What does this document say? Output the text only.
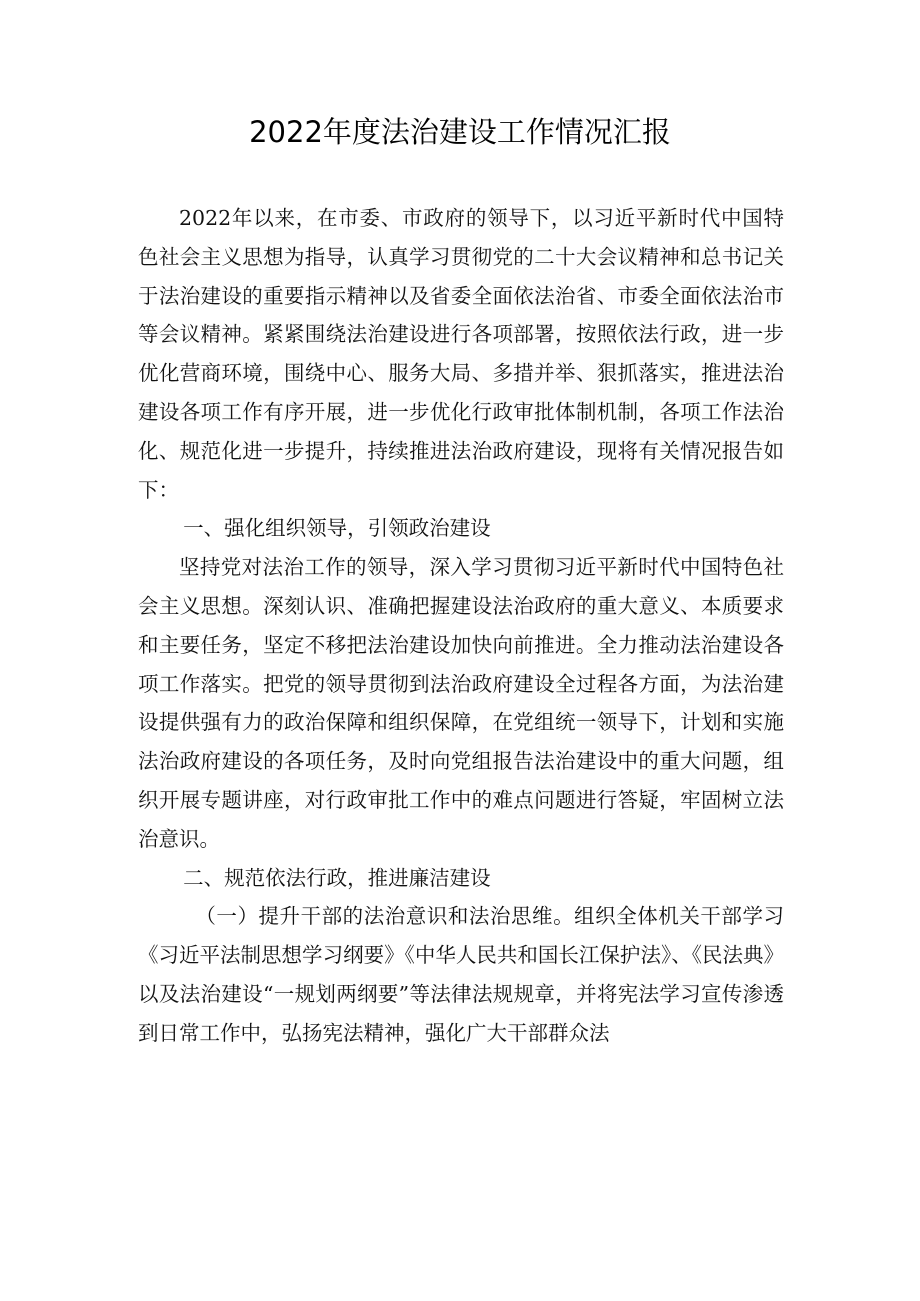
2022年度法治建设工作情况汇报

2022年以来，在市委、市政府的领导下，以习近平新时代中国特色社会主义思想为指导，认真学习贯彻党的二十大会议精神和总书记关于法治建设的重要指示精神以及省委全面依法治省、市委全面依法治市等会议精神。紧紧围绕法治建设进行各项部署，按照依法行政，进一步优化营商环境，围绕中心、服务大局、多措并举、狠抓落实，推进法治建设各项工作有序开展，进一步优化行政审批体制机制，各项工作法治化、规范化进一步提升，持续推进法治政府建设，现将有关情况报告如下：

一、强化组织领导，引领政治建设

坚持党对法治工作的领导，深入学习贯彻习近平新时代中国特色社会主义思想。深刻认识、准确把握建设法治政府的重大意义、本质要求和主要任务，坚定不移把法治建设加快向前推进。全力推动法治建设各项工作落实。把党的领导贯彻到法治政府建设全过程各方面，为法治建设提供强有力的政治保障和组织保障，在党组统一领导下，计划和实施法治政府建设的各项任务，及时向党组报告法治建设中的重大问题，组织开展专题讲座，对行政审批工作中的难点问题进行答疑，牢固树立法治意识。

二、规范依法行政，推进廉洁建设

（一）提升干部的法治意识和法治思维。组织全体机关干部学习《习近平法制思想学习纲要》《中华人民共和国长江保护法》、《民法典》以及法治建设“一规划两纲要”等法律法规规章，并将宪法学习宣传渗透到日常工作中，弘扬宪法精神，强化广大干部群众法
